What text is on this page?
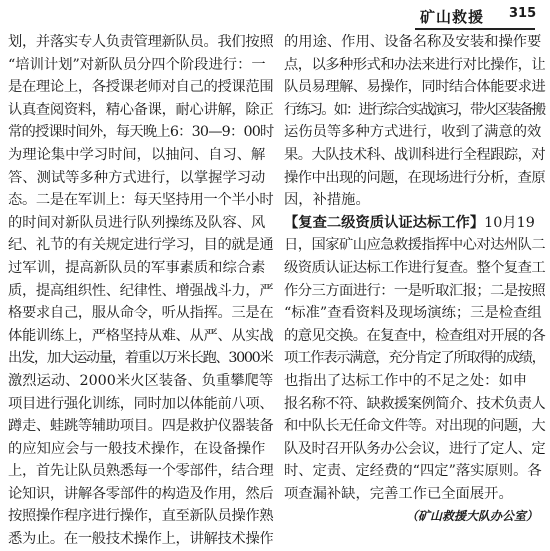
矿山救援 315
划，并落实专人负责管理新队员。我们按照
“培训计划”对新队员分四个阶段进行：一
是在理论上，各授课老师对自己的授课范围
认真查阅资料，精心备课，耐心讲解，除正
常的授课时间外，每天晚上6：30—9：00时
为理论集中学习时间，以抽问、自习、解
答、测试等多种方式进行，以掌握学习动
态。二是在军训上：每天坚持用一个半小时
的时间对新队员进行队列操练及队容、风
纪、礼节的有关规定进行学习，目的就是通
过军训，提高新队员的军事素质和综合素
质，提高组织性、纪律性、增强战斗力，严
格要求自己，服从命令，听从指挥。三是在
体能训练上，严格坚持从难、从严、从实战
出发，加大运动量，着重以万米长跑、3000米
激烈运动、2000米火区装备、负重攀爬等
项目进行强化训练，同时加以体能前八项、
蹲走、蛙跳等辅助项目。四是救护仪器装备
的应知应会与一般技术操作，在设备操作
上，首先让队员熟悉每一个零部件，结合理
论知识，讲解各零部件的构造及作用，然后
按照操作程序进行操作，直至新队员操作熟
悉为止。在一般技术操作上，讲解技术操作
的用途、作用、设备名称及安装和操作要
点，以多种形式和办法来进行对比操作，让
队员易理解、易操作，同时结合体能要求进
行练习。如：进行综合实战演习，带火区装备搬
运伤员等多种方式进行，收到了满意的效
果。大队技术科、战训科进行全程跟踪，对
操作中出现的问题，在现场进行分析，查原
因，补措施。
【复查二级资质认证达标工作】10月19
日，国家矿山应急救援指挥中心对达州队二
级资质认证达标工作进行复查。整个复查工
作分三方面进行：一是听取汇报；二是按照
“标准”查看资料及现场演练；三是检查组
的意见交换。在复查中，检查组对开展的各
项工作表示满意，充分肯定了所取得的成绩，
也指出了达标工作中的不足之处：如申
报名称不符、缺救援案例简介、技术负责人
和中队长无任命文件等。对出现的问题，大
队及时召开队务办公会议，进行了定人、定
时、定责、定经费的“四定”落实原则。各
项查漏补缺，完善工作已全面展开。
（矿山救援大队办公室）
